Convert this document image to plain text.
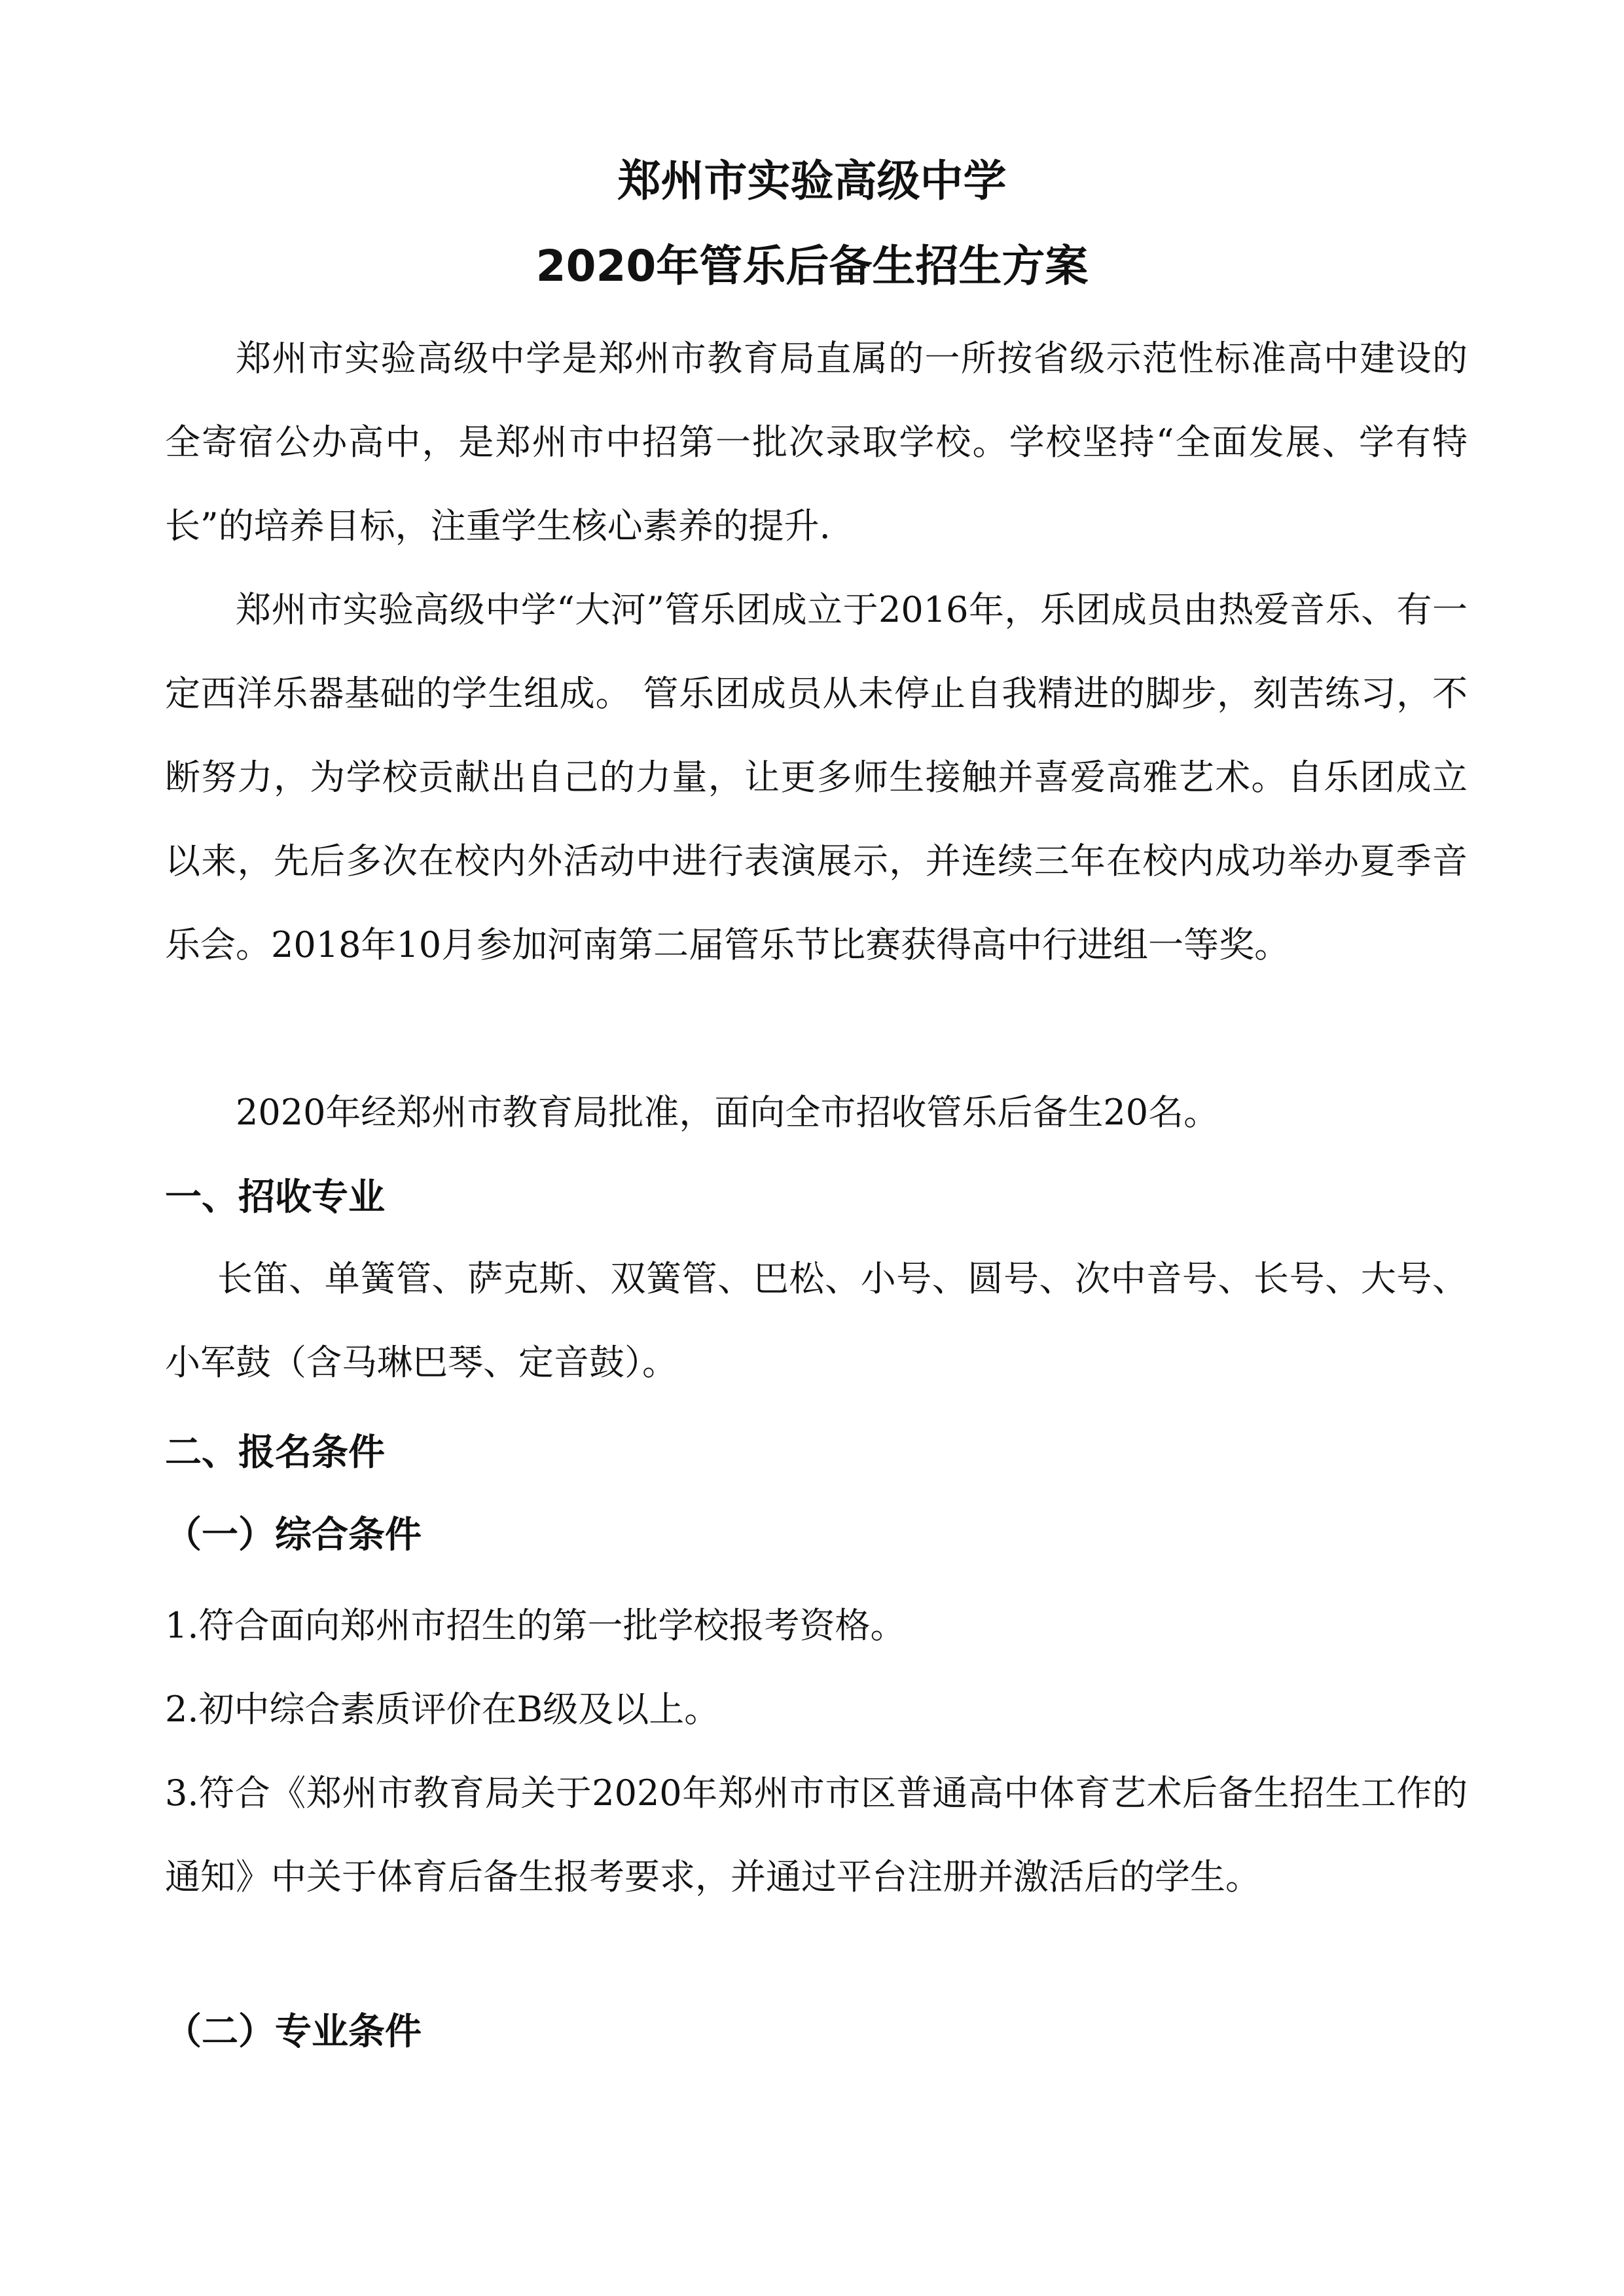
郑州市实验高级中学
2020年管乐后备生招生方案

郑州市实验高级中学是郑州市教育局直属的一所按省级示范性标准高中建设的全寄宿公办高中，是郑州市中招第一批次录取学校。学校坚持“全面发展、学有特长”的培养目标，注重学生核心素养的提升.

郑州市实验高级中学“大河”管乐团成立于2016年，乐团成员由热爱音乐、有一定西洋乐器基础的学生组成。 管乐团成员从未停止自我精进的脚步，刻苦练习，不断努力，为学校贡献出自己的力量，让更多师生接触并喜爱高雅艺术。自乐团成立以来，先后多次在校内外活动中进行表演展示，并连续三年在校内成功举办夏季音乐会。2018年10月参加河南第二届管乐节比赛获得高中行进组一等奖。

2020年经郑州市教育局批准，面向全市招收管乐后备生20名。

一、招收专业

长笛、单簧管、萨克斯、双簧管、巴松、小号、圆号、次中音号、长号、大号、小军鼓（含马琳巴琴、定音鼓）。

二、报名条件
（一）综合条件

1.符合面向郑州市招生的第一批学校报考资格。

2.初中综合素质评价在B级及以上。

3.符合《郑州市教育局关于2020年郑州市市区普通高中体育艺术后备生招生工作的通知》中关于体育后备生报考要求，并通过平台注册并激活后的学生。

（二）专业条件
